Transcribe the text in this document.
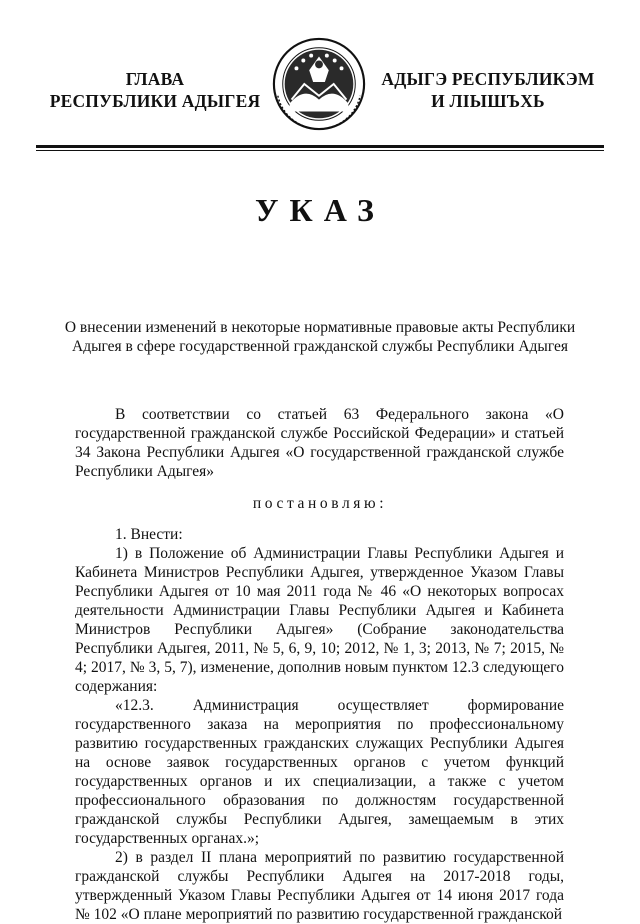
ГЛАВА
РЕСПУБЛИКИ АДЫГЕЯ
АДЫГЭ РЕСПУБЛИКЭМ
И ЛІЫШЪХЬ
УКАЗ
О внесении изменений в некоторые нормативные правовые акты Республики Адыгея в сфере государственной гражданской службы Республики Адыгея
В соответствии со статьей 63 Федерального закона «О государственной гражданской службе Российской Федерации» и статьей 34 Закона Республики Адыгея «О государственной гражданской службе Республики Адыгея»
постановляю:

1. Внести:

1) в Положение об Администрации Главы Республики Адыгея и Кабинета Министров Республики Адыгея, утвержденное Указом Главы Республики Адыгея от 10 мая 2011 года № 46 «О некоторых вопросах деятельности Администрации Главы Республики Адыгея и Кабинета Министров Республики Адыгея» (Собрание законодательства Республики Адыгея, 2011, № 5, 6, 9, 10; 2012, № 1, 3; 2013, № 7; 2015, № 4; 2017, № 3, 5, 7), изменение, дополнив новым пунктом 12.3 следующего содержания:

«12.3. Администрация осуществляет формирование государственного заказа на мероприятия по профессиональному развитию государственных гражданских служащих Республики Адыгея на основе заявок государственных органов с учетом функций государственных органов и их специализации, а также с учетом профессионального образования по должностям государственной гражданской службы Республики Адыгея, замещаемым в этих государственных органах.»;

2) в раздел II плана мероприятий по развитию государственной гражданской службы Республики Адыгея на 2017-2018 годы, утвержденный Указом Главы Республики Адыгея от 14 июня 2017 года № 102 «О плане мероприятий по развитию государственной гражданской
